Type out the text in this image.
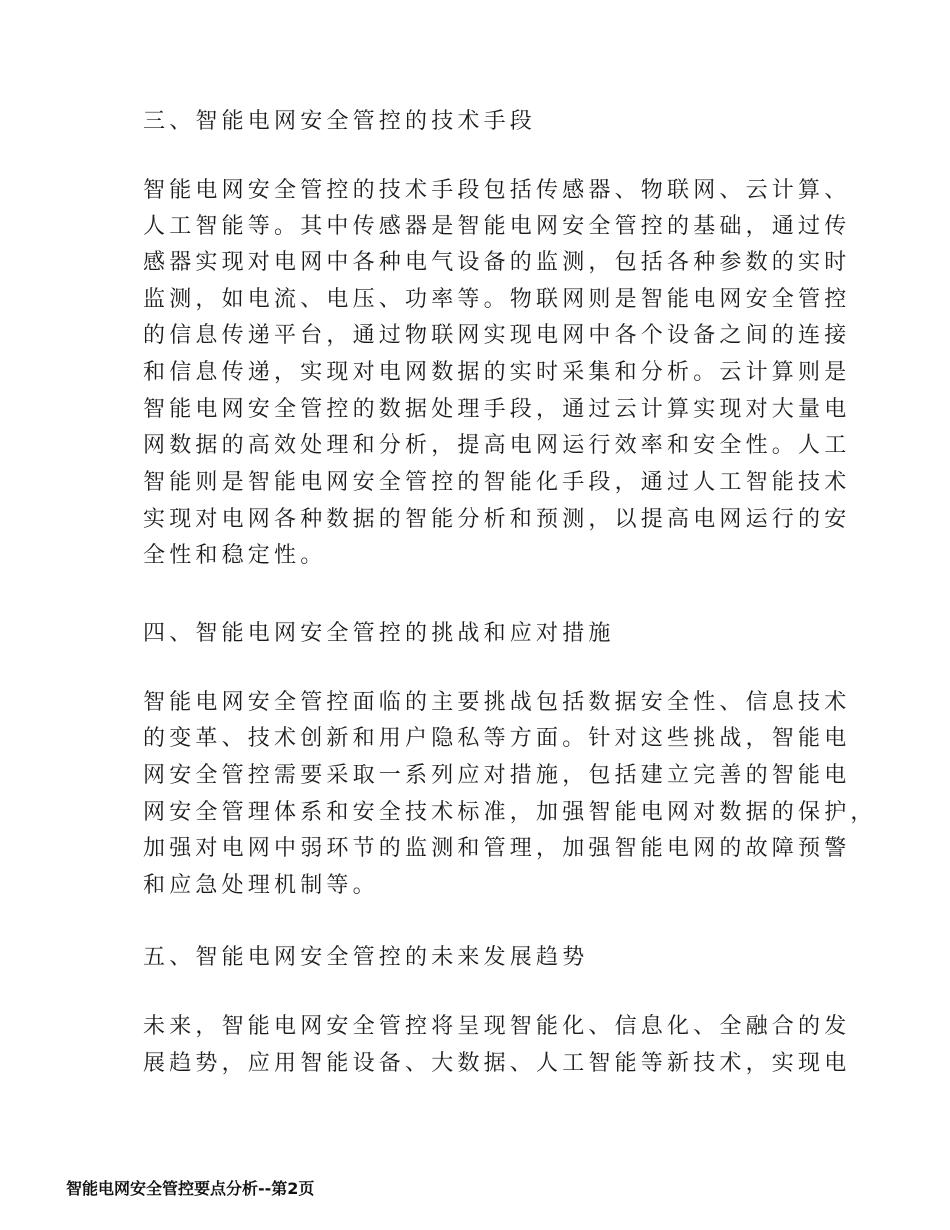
三、智能电网安全管控的技术手段
智能电网安全管控的技术手段包括传感器、物联网、云计算、
人工智能等。其中传感器是智能电网安全管控的基础，通过传
感器实现对电网中各种电气设备的监测，包括各种参数的实时
监测，如电流、电压、功率等。物联网则是智能电网安全管控
的信息传递平台，通过物联网实现电网中各个设备之间的连接
和信息传递，实现对电网数据的实时采集和分析。云计算则是
智能电网安全管控的数据处理手段，通过云计算实现对大量电
网数据的高效处理和分析，提高电网运行效率和安全性。人工
智能则是智能电网安全管控的智能化手段，通过人工智能技术
实现对电网各种数据的智能分析和预测，以提高电网运行的安
全性和稳定性。
四、智能电网安全管控的挑战和应对措施
智能电网安全管控面临的主要挑战包括数据安全性、信息技术
的变革、技术创新和用户隐私等方面。针对这些挑战，智能电
网安全管控需要采取一系列应对措施，包括建立完善的智能电
网安全管理体系和安全技术标准，加强智能电网对数据的保护，
加强对电网中弱环节的监测和管理，加强智能电网的故障预警
和应急处理机制等。
五、智能电网安全管控的未来发展趋势
未来，智能电网安全管控将呈现智能化、信息化、全融合的发
展趋势，应用智能设备、大数据、人工智能等新技术，实现电
智能电网安全管控要点分析--第2页
